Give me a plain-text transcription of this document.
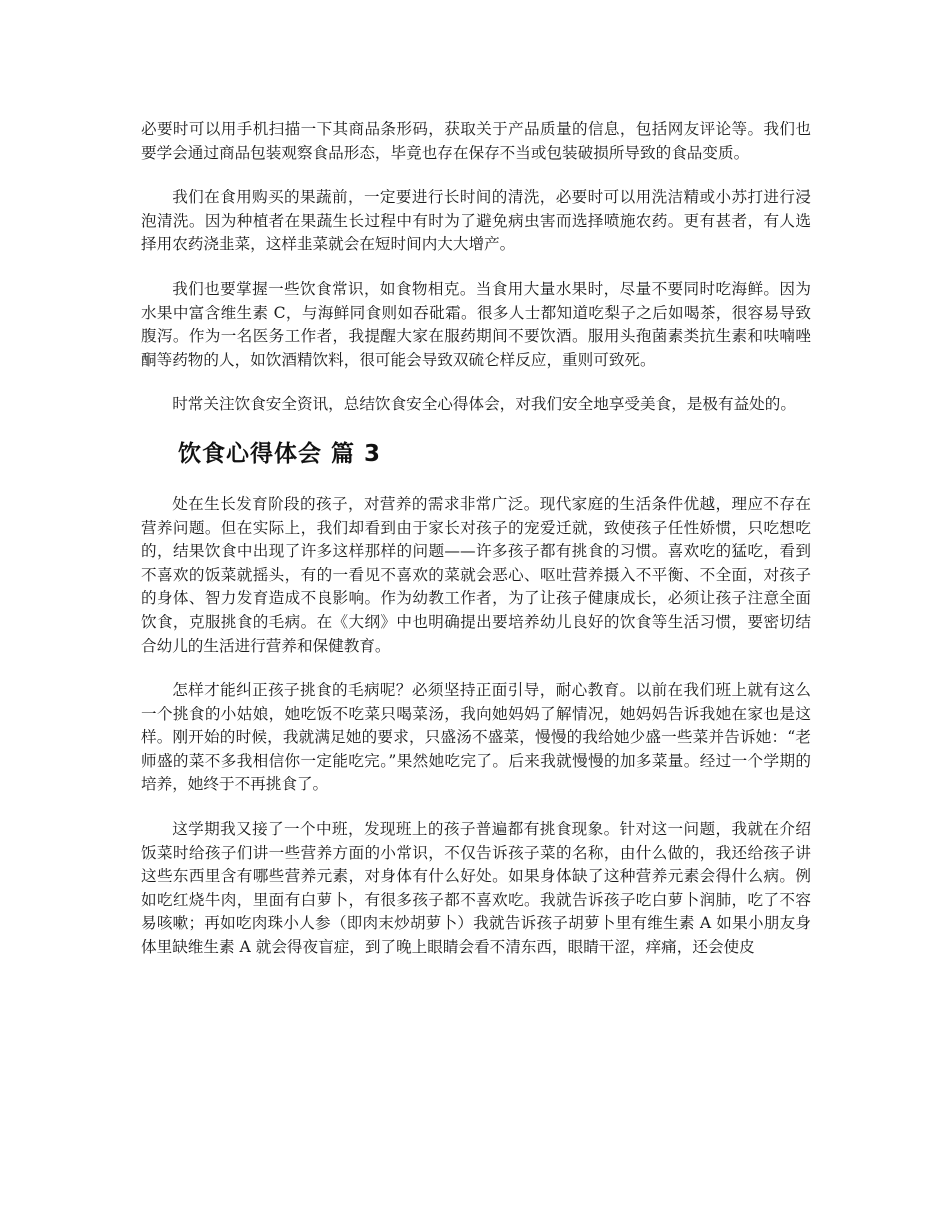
必要时可以用手机扫描一下其商品条形码，获取关于产品质量的信息，包括网友评论等。我们也要学会通过商品包装观察食品形态，毕竟也存在保存不当或包装破损所导致的食品变质。

我们在食用购买的果蔬前，一定要进行长时间的清洗，必要时可以用洗洁精或小苏打进行浸泡清洗。因为种植者在果蔬生长过程中有时为了避免病虫害而选择喷施农药。更有甚者，有人选择用农药浇韭菜，这样韭菜就会在短时间内大大增产。

我们也要掌握一些饮食常识，如食物相克。当食用大量水果时，尽量不要同时吃海鲜。因为水果中富含维生素 C，与海鲜同食则如吞砒霜。很多人士都知道吃梨子之后如喝茶，很容易导致腹泻。作为一名医务工作者，我提醒大家在服药期间不要饮酒。服用头孢菌素类抗生素和呋喃唑酮等药物的人，如饮酒精饮料，很可能会导致双硫仑样反应，重则可致死。

时常关注饮食安全资讯，总结饮食安全心得体会，对我们安全地享受美食，是极有益处的。

饮食心得体会 篇 3

处在生长发育阶段的孩子，对营养的需求非常广泛。现代家庭的生活条件优越，理应不存在营养问题。但在实际上，我们却看到由于家长对孩子的宠爱迁就，致使孩子任性娇惯，只吃想吃的，结果饮食中出现了许多这样那样的问题——许多孩子都有挑食的习惯。喜欢吃的猛吃，看到不喜欢的饭菜就摇头，有的一看见不喜欢的菜就会恶心、呕吐营养摄入不平衡、不全面，对孩子的身体、智力发育造成不良影响。作为幼教工作者，为了让孩子健康成长，必须让孩子注意全面饮食，克服挑食的毛病。在《大纲》中也明确提出要培养幼儿良好的饮食等生活习惯，要密切结合幼儿的生活进行营养和保健教育。

怎样才能纠正孩子挑食的毛病呢？必须坚持正面引导，耐心教育。以前在我们班上就有这么一个挑食的小姑娘，她吃饭不吃菜只喝菜汤，我向她妈妈了解情况，她妈妈告诉我她在家也是这样。刚开始的时候，我就满足她的要求，只盛汤不盛菜，慢慢的我给她少盛一些菜并告诉她：“老师盛的菜不多我相信你一定能吃完。”果然她吃完了。后来我就慢慢的加多菜量。经过一个学期的培养，她终于不再挑食了。

这学期我又接了一个中班，发现班上的孩子普遍都有挑食现象。针对这一问题，我就在介绍饭菜时给孩子们讲一些营养方面的小常识，不仅告诉孩子菜的名称，由什么做的，我还给孩子讲这些东西里含有哪些营养元素，对身体有什么好处。如果身体缺了这种营养元素会得什么病。例如吃红烧牛肉，里面有白萝卜，有很多孩子都不喜欢吃。我就告诉孩子吃白萝卜润肺，吃了不容易咳嗽；再如吃肉珠小人参（即肉末炒胡萝卜）我就告诉孩子胡萝卜里有维生素 A 如果小朋友身体里缺维生素 A 就会得夜盲症，到了晚上眼睛会看不清东西，眼睛干涩，痒痛，还会使皮
